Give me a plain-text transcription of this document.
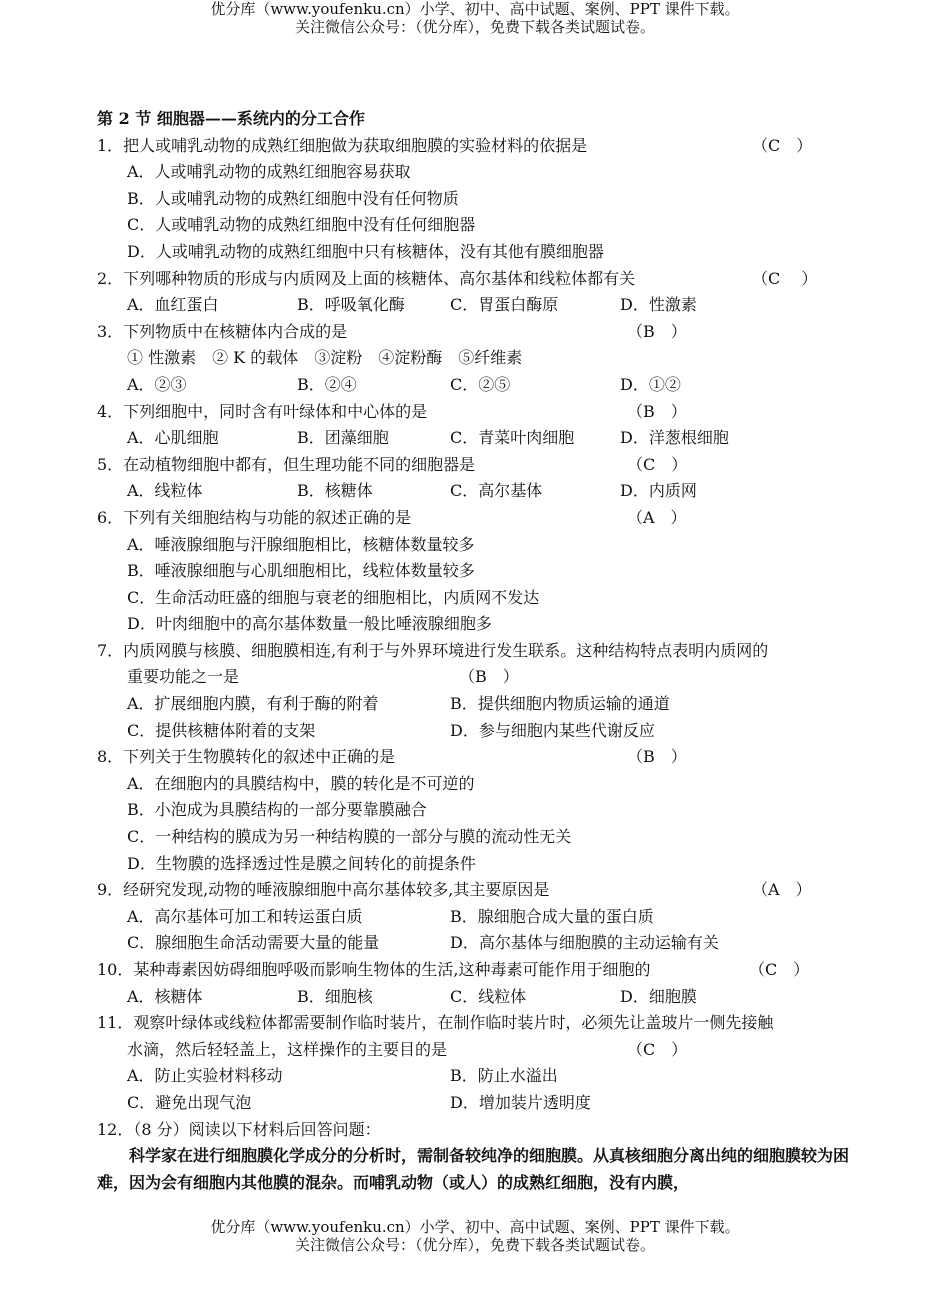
优分库（www.youfenku.cn）小学、初中、高中试题、案例、PPT 课件下载。
关注微信公众号：（优分库），免费下载各类试题试卷。
第 2 节 细胞器——系统内的分工合作
1．把人或哺乳动物的成熟红细胞做为获取细胞膜的实验材料的依据是	（C　）
A．人或哺乳动物的成熟红细胞容易获取
B．人或哺乳动物的成熟红细胞中没有任何物质
C．人或哺乳动物的成熟红细胞中没有任何细胞器
D．人或哺乳动物的成熟红细胞中只有核糖体，没有其他有膜细胞器
2．下列哪种物质的形成与内质网及上面的核糖体、高尔基体和线粒体都有关	（C　 ）
A．血红蛋白	B．呼吸氧化酶	C．胃蛋白酶原	D．性激素
3．下列物质中在核糖体内合成的是	（B　）
① 性激素　② K 的载体　③淀粉　④淀粉酶　⑤纤维素
A．②③	B．②④	C．②⑤	D．①②
4．下列细胞中，同时含有叶绿体和中心体的是	（B　）
A．心肌细胞	B．团藻细胞	C．青菜叶肉细胞	D．洋葱根细胞
5．在动植物细胞中都有，但生理功能不同的细胞器是	（C　）
A．线粒体	B．核糖体	C．高尔基体	D．内质网
6．下列有关细胞结构与功能的叙述正确的是	（A　）
A．唾液腺细胞与汗腺细胞相比，核糖体数量较多
B．唾液腺细胞与心肌细胞相比，线粒体数量较多
C．生命活动旺盛的细胞与衰老的细胞相比，内质网不发达
D．叶肉细胞中的高尔基体数量一般比唾液腺细胞多
7．内质网膜与核膜、细胞膜相连,有利于与外界环境进行发生联系。这种结构特点表明内质网的
重要功能之一是	（B　）
A．扩展细胞内膜，有利于酶的附着	B．提供细胞内物质运输的通道
C．提供核糖体附着的支架	D．参与细胞内某些代谢反应
8．下列关于生物膜转化的叙述中正确的是	（B　）
A．在细胞内的具膜结构中，膜的转化是不可逆的
B．小泡成为具膜结构的一部分要靠膜融合
C．一种结构的膜成为另一种结构膜的一部分与膜的流动性无关
D．生物膜的选择透过性是膜之间转化的前提条件
9．经研究发现,动物的唾液腺细胞中高尔基体较多,其主要原因是	（A　）
A．高尔基体可加工和转运蛋白质	B．腺细胞合成大量的蛋白质
C．腺细胞生命活动需要大量的能量	D．高尔基体与细胞膜的主动运输有关
10．某种毒素因妨碍细胞呼吸而影响生物体的生活,这种毒素可能作用于细胞的	（C　）
A．核糖体	B．细胞核	C．线粒体	D．细胞膜
11．观察叶绿体或线粒体都需要制作临时装片，在制作临时装片时，必须先让盖玻片一侧先接触
水滴，然后轻轻盖上，这样操作的主要目的是	（C　）
A．防止实验材料移动	B．防止水溢出
C．避免出现气泡	D．增加装片透明度
12．（8 分）阅读以下材料后回答问题：
科学家在进行细胞膜化学成分的分析时，需制备较纯净的细胞膜。从真核细胞分离出纯的细胞膜较为困难，因为会有细胞内其他膜的混杂。而哺乳动物（或人）的成熟红细胞，没有内膜，
优分库（www.youfenku.cn）小学、初中、高中试题、案例、PPT 课件下载。
关注微信公众号：（优分库），免费下载各类试题试卷。
